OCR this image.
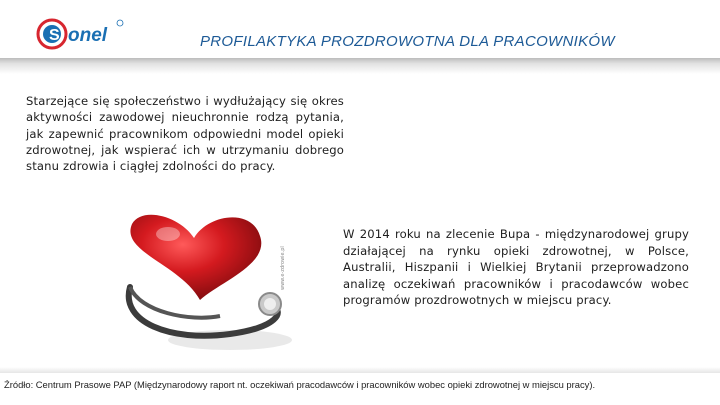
S onel	PROFILAKTYKA PROZDROWOTNA DLA PRACOWNIKÓW
Starzejące się społeczeństwo i wydłużający się okres aktywności zawodowej nieuchronnie rodzą pytania, jak zapewnić pracownikom odpowiedni model opieki zdrowotnej, jak wspierać ich w utrzymaniu dobrego stanu zdrowia i ciągłej zdolności do pracy.
www.e-zdrowie.pl
W 2014 roku na zlecenie Bupa - międzynarodowej grupy działającej na rynku opieki zdrowotnej, w Polsce, Australii, Hiszpanii i Wielkiej Brytanii przeprowadzono analizę oczekiwań pracowników i pracodawców wobec programów prozdrowotnych w miejscu pracy.
Źródło: Centrum Prasowe PAP (Międzynarodowy raport nt. oczekiwań pracodawców i pracowników wobec opieki zdrowotnej w miejscu pracy).
